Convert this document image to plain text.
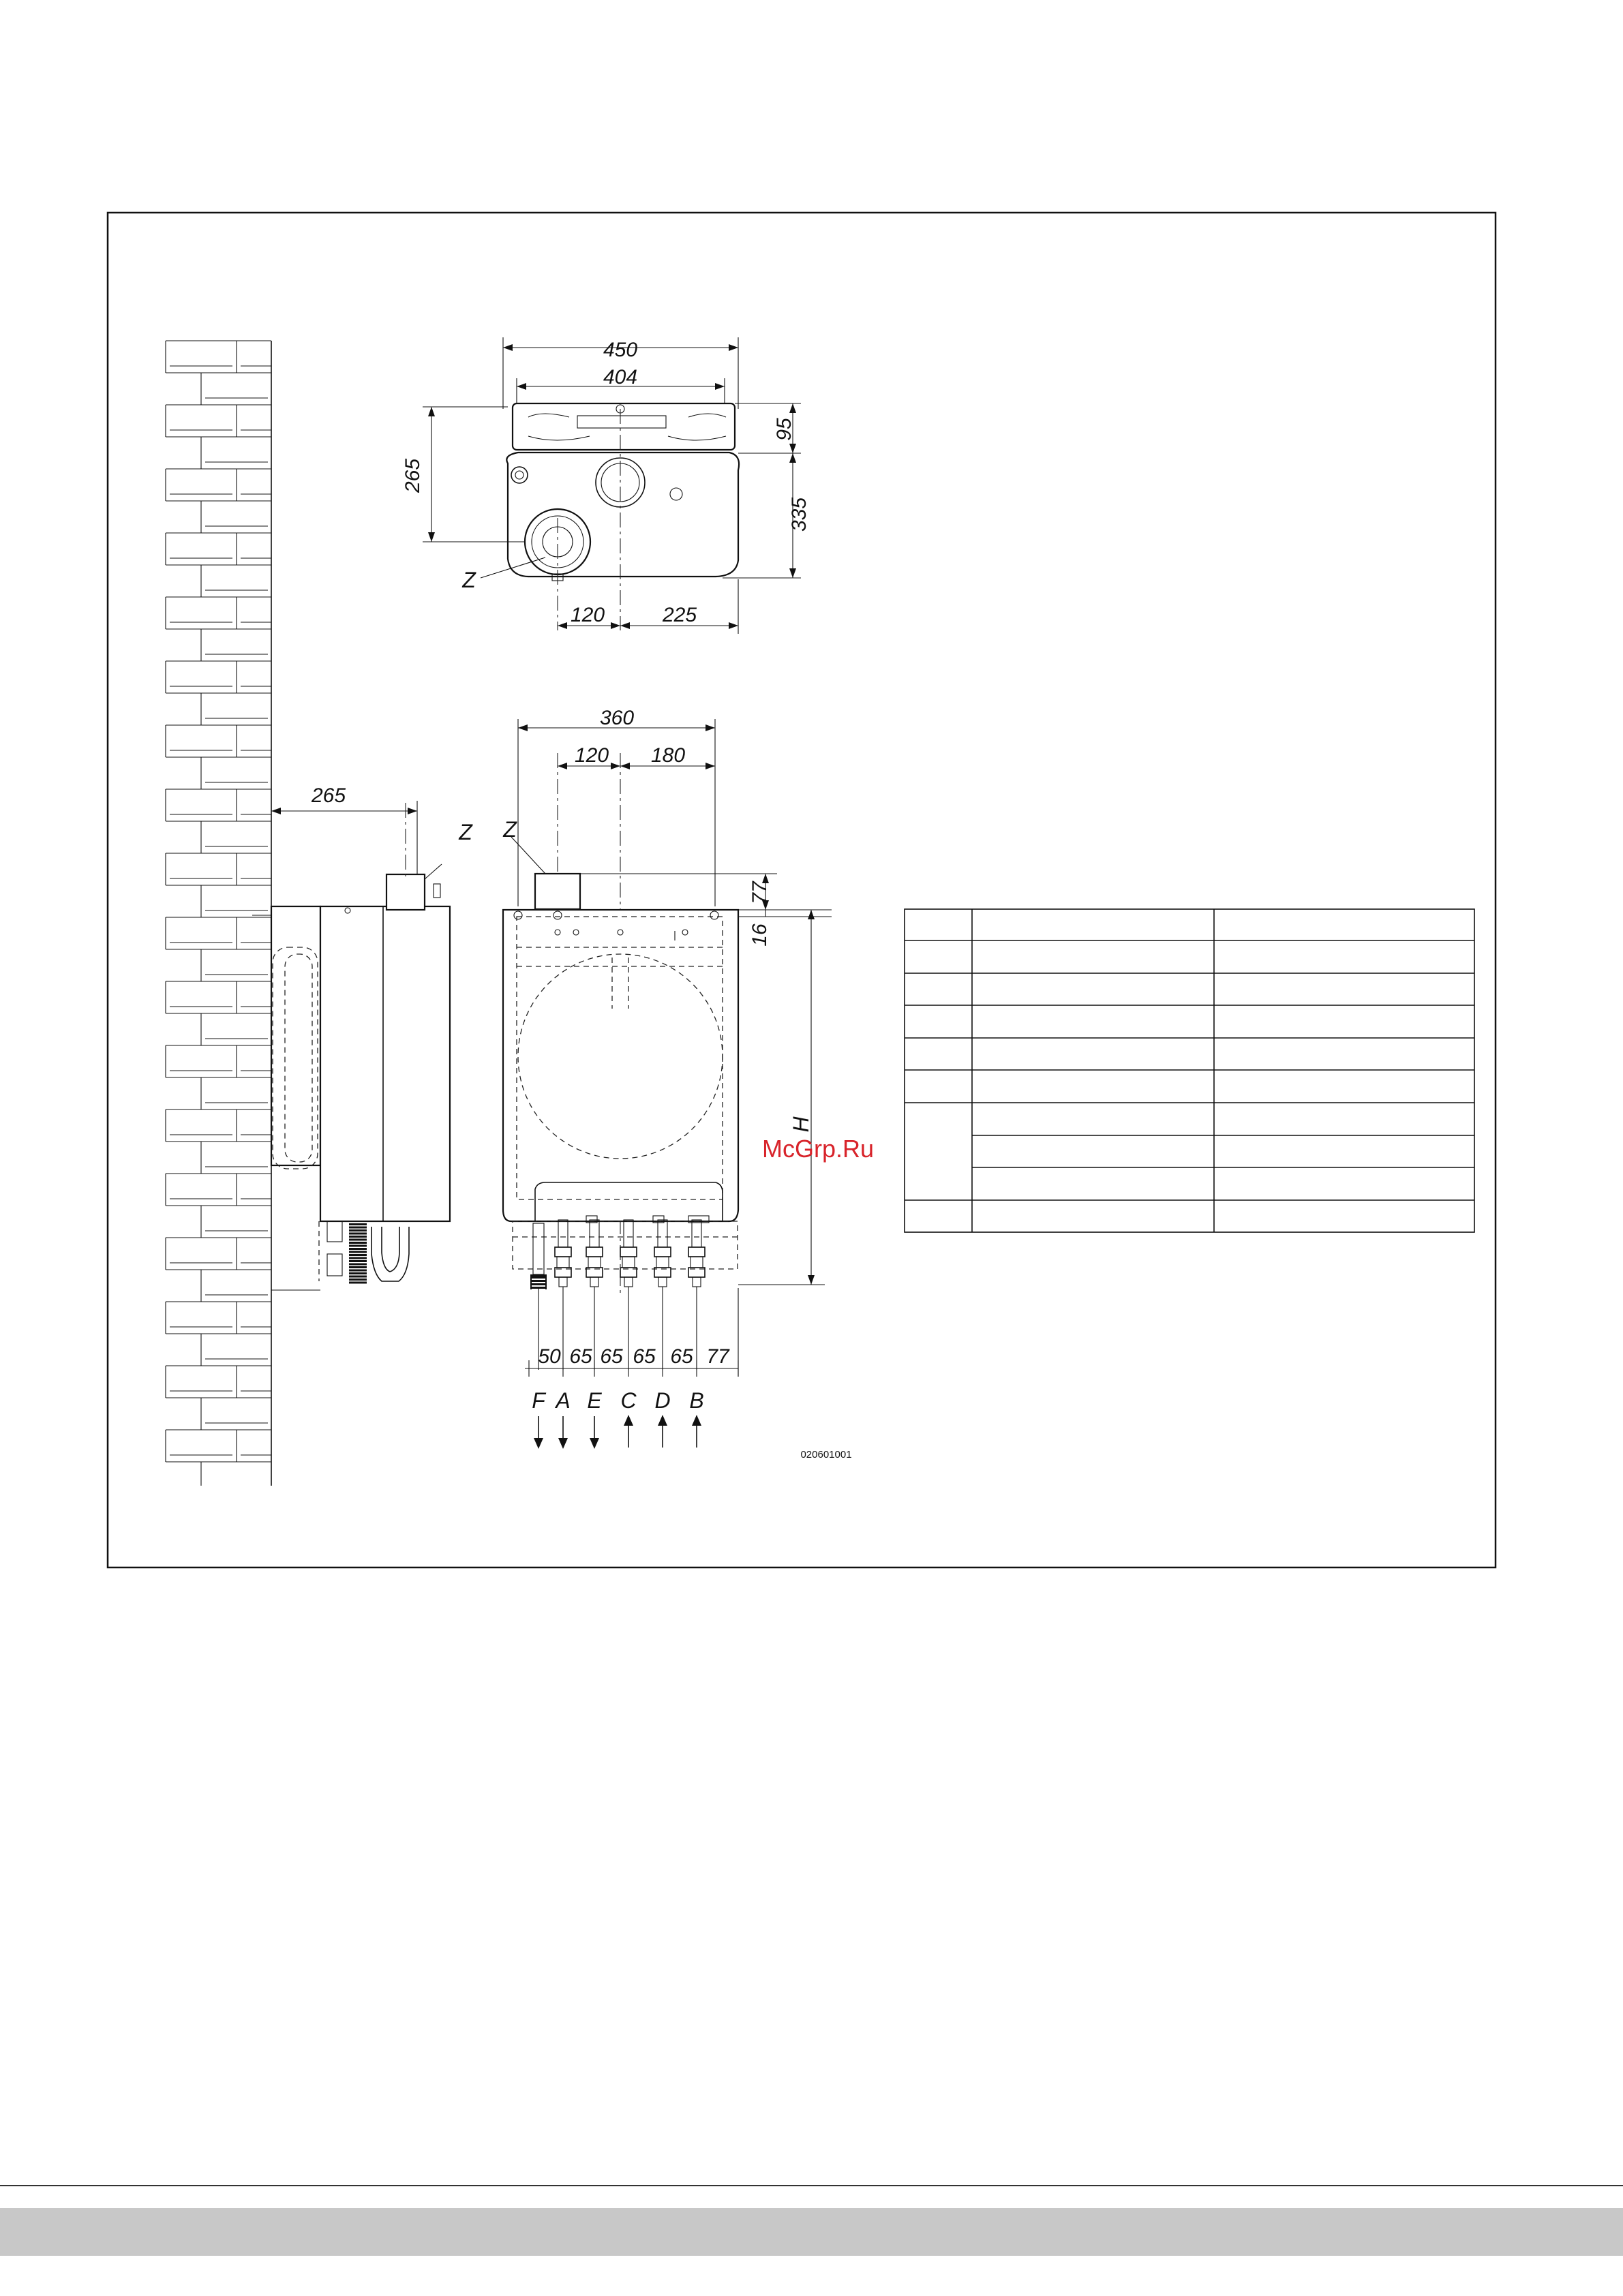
450
404
Z
265
95
335
120	225
265
Z
360
120 180
Z
77
16
H
50 65 65 65 65 77
F A E C D B
020601001
McGrp.Ru
